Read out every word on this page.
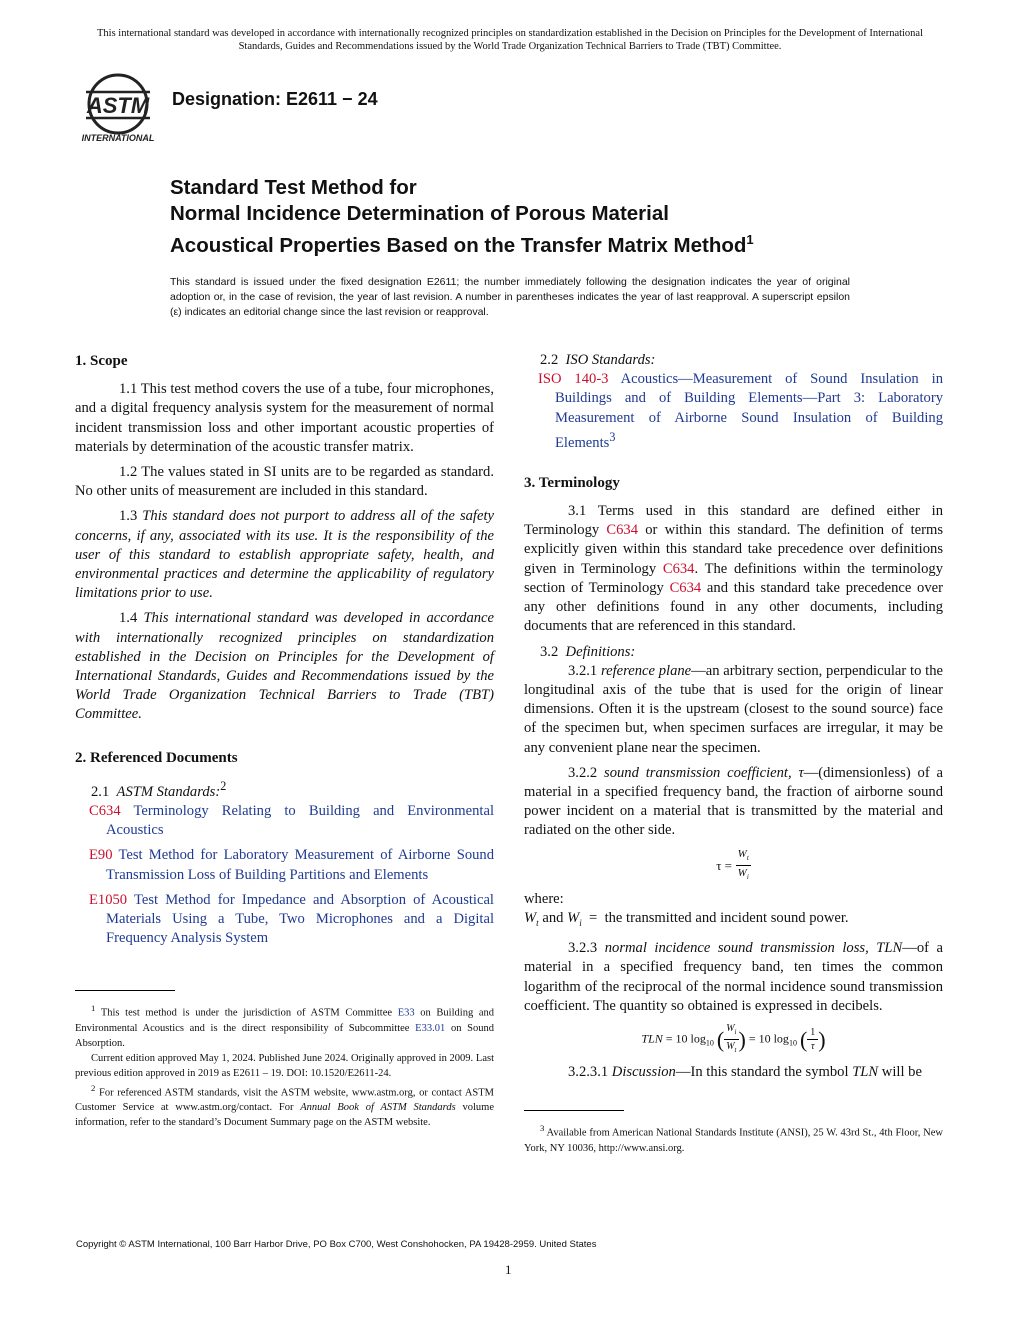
This international standard was developed in accordance with internationally recognized principles on standardization established in the Decision on Principles for the Development of International Standards, Guides and Recommendations issued by the World Trade Organization Technical Barriers to Trade (TBT) Committee.
ASTM
INTERNATIONAL
Designation: E2611 − 24
Standard Test Method for
Normal Incidence Determination of Porous Material
Acoustical Properties Based on the Transfer Matrix Method$^1$
This standard is issued under the fixed designation E2611; the number immediately following the designation indicates the year of original adoption or, in the case of revision, the year of last revision. A number in parentheses indicates the year of last reapproval. A superscript epsilon (ε) indicates an editorial change since the last revision or reapproval.
1. Scope

1.1 This test method covers the use of a tube, four microphones, and a digital frequency analysis system for the measurement of normal incident transmission loss and other important acoustic properties of materials by determination of the acoustic transfer matrix.

1.2 The values stated in SI units are to be regarded as standard. No other units of measurement are included in this standard.

1.3 This standard does not purport to address all of the safety concerns, if any, associated with its use. It is the responsibility of the user of this standard to establish appropriate safety, health, and environmental practices and determine the applicability of regulatory limitations prior to use.

1.4 This international standard was developed in accordance with internationally recognized principles on standardization established in the Decision on Principles for the Development of International Standards, Guides and Recommendations issued by the World Trade Organization Technical Barriers to Trade (TBT) Committee.

2. Referenced Documents

2.1 ASTM Standards:$^2$

C634 Terminology Relating to Building and Environmental Acoustics

E90 Test Method for Laboratory Measurement of Airborne Sound Transmission Loss of Building Partitions and Elements

E1050 Test Method for Impedance and Absorption of Acoustical Materials Using a Tube, Two Microphones and a Digital Frequency Analysis System

$^1$ This test method is under the jurisdiction of ASTM Committee E33 on Building and Environmental Acoustics and is the direct responsibility of Subcommittee E33.01 on Sound Absorption.

Current edition approved May 1, 2024. Published June 2024. Originally approved in 2009. Last previous edition approved in 2019 as E2611 – 19. DOI: 10.1520/E2611-24.

$^2$ For referenced ASTM standards, visit the ASTM website, www.astm.org, or contact ASTM Customer Service at www.astm.org/contact. For Annual Book of ASTM Standards volume information, refer to the standard’s Document Summary page on the ASTM website.

2.2 ISO Standards:

ISO 140-3 Acoustics—Measurement of Sound Insulation in Buildings and of Building Elements—Part 3: Laboratory Measurement of Airborne Sound Insulation of Building Elements$^3$

3. Terminology

3.1 Terms used in this standard are defined either in Terminology C634 or within this standard. The definition of terms explicitly given within this standard take precedence over definitions given in Terminology C634. The definitions within the terminology section of Terminology C634 and this standard take precedence over any other definitions found in any other documents, including documents that are referenced in this standard.

3.2 Definitions:

3.2.1 reference plane—an arbitrary section, perpendicular to the longitudinal axis of the tube that is used for the origin of linear dimensions. Often it is the upstream (closest to the sound source) face of the specimen but, when specimen surfaces are irregular, it may be any convenient plane near the specimen.

3.2.2 sound transmission coefficient, τ—(dimensionless) of a material in a specified frequency band, the fraction of airborne sound power incident on a material that is transmitted by the material and radiated on the other side.

$\tau = \frac{W_t}{W_i}$

where:

$W_t$ and $W_i$ = the transmitted and incident sound power.

3.2.3 normal incidence sound transmission loss, TLN—of a material in a specified frequency band, ten times the common logarithm of the reciprocal of the normal incidence sound transmission coefficient. The quantity so obtained is expressed in decibels.

TLN = 10 $\log_{10}$ ( $\frac{W_i}{W_t}$ ) = 10 $\log_{10}$ ( $\frac{1}{\tau}$ )

3.2.3.1 Discussion—In this standard the symbol TLN will be

$^3$ Available from American National Standards Institute (ANSI), 25 W. 43rd St., 4th Floor, New York, NY 10036, http://www.ansi.org.

Copyright © ASTM International, 100 Barr Harbor Drive, PO Box C700, West Conshohocken, PA 19428-2959. United States
1
